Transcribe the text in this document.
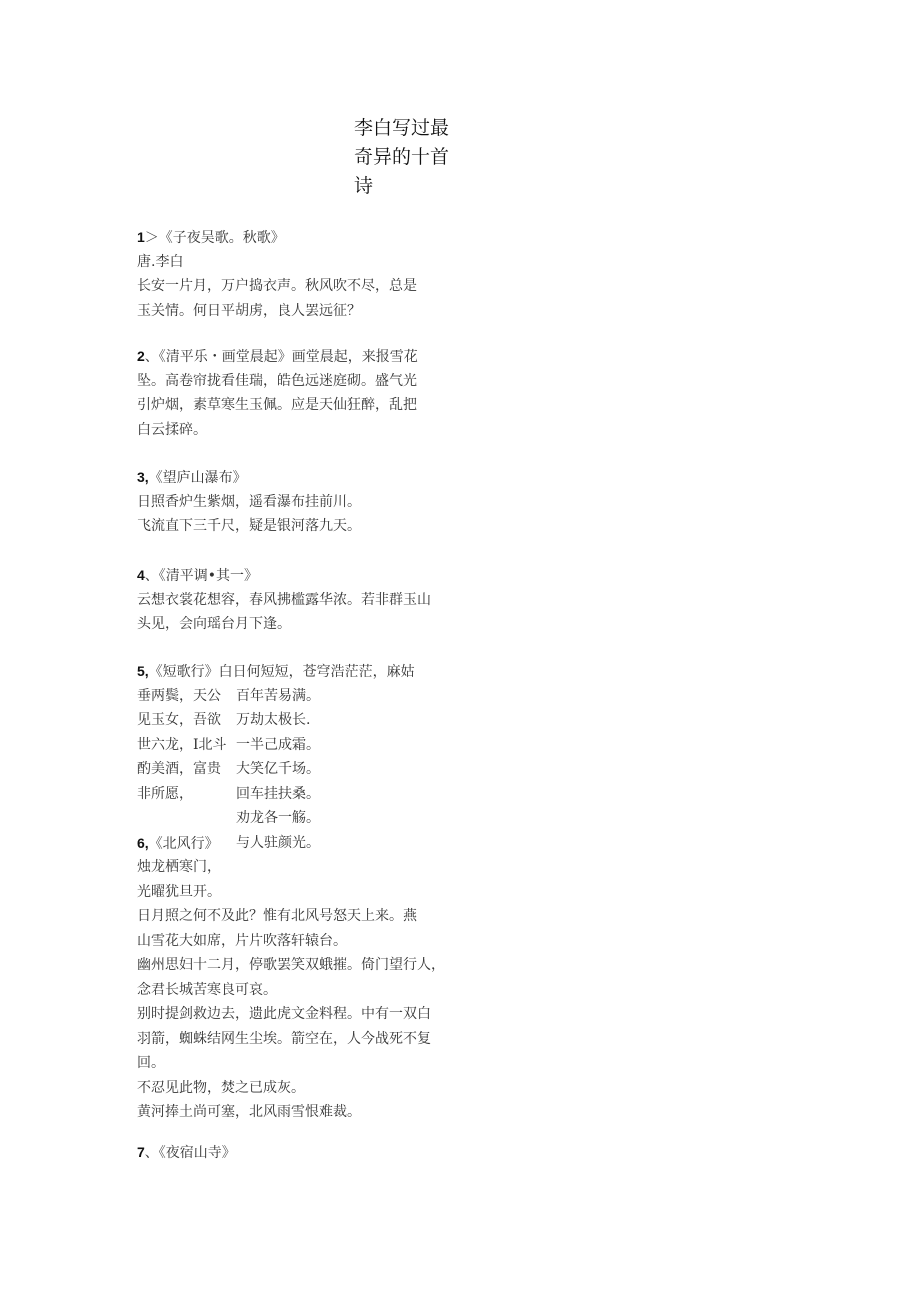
李白写过最
奇异的十首
诗
1＞《子夜吴歌。秋歌》
唐.李白
长安一片月，万户捣衣声。秋风吹不尽，总是
玉关情。何日平胡虏，良人罢远征？
2、《清平乐・画堂晨起》画堂晨起，来报雪花
坠。高卷帘拢看佳瑞，皓色远迷庭砌。盛气光
引炉烟，素草寒生玉佩。应是天仙狂醉，乱把
白云揉碎。
3,《望庐山瀑布》
日照香炉生紫烟，遥看瀑布挂前川。
飞流直下三千尺，疑是银河落九天。
4、《清平调•其一》
云想衣裳花想容，春风拂槛露华浓。若非群玉山
头见，会向瑶台月下逢。
5,《短歌行》白日何短短，苍穹浩茫茫，麻姑
垂两鬓，天公
见玉女，吾欲
世六龙，I北斗
酌美酒，富贵
非所愿，
百年苦易满。
万劫太极长.
一半己成霜。
大笑亿千场。
回车挂扶桑。
劝龙各一觞。
与人驻颜光。
6,《北风行》
烛龙栖寒门，
光曜犹旦开。
日月照之何不及此？惟有北风号怒天上来。燕
山雪花大如席，片片吹落轩辕台。
幽州思妇十二月，停歌罢笑双蛾摧。倚门望行人，
念君长城苦寒良可哀。
别时提剑救边去，遗此虎文金料程。中有一双白
羽箭，蜘蛛结网生尘埃。箭空在，人今战死不复
回。
不忍见此物，焚之已成灰。
黄河捧土尚可塞，北风雨雪恨难裁。
7、《夜宿山寺》
